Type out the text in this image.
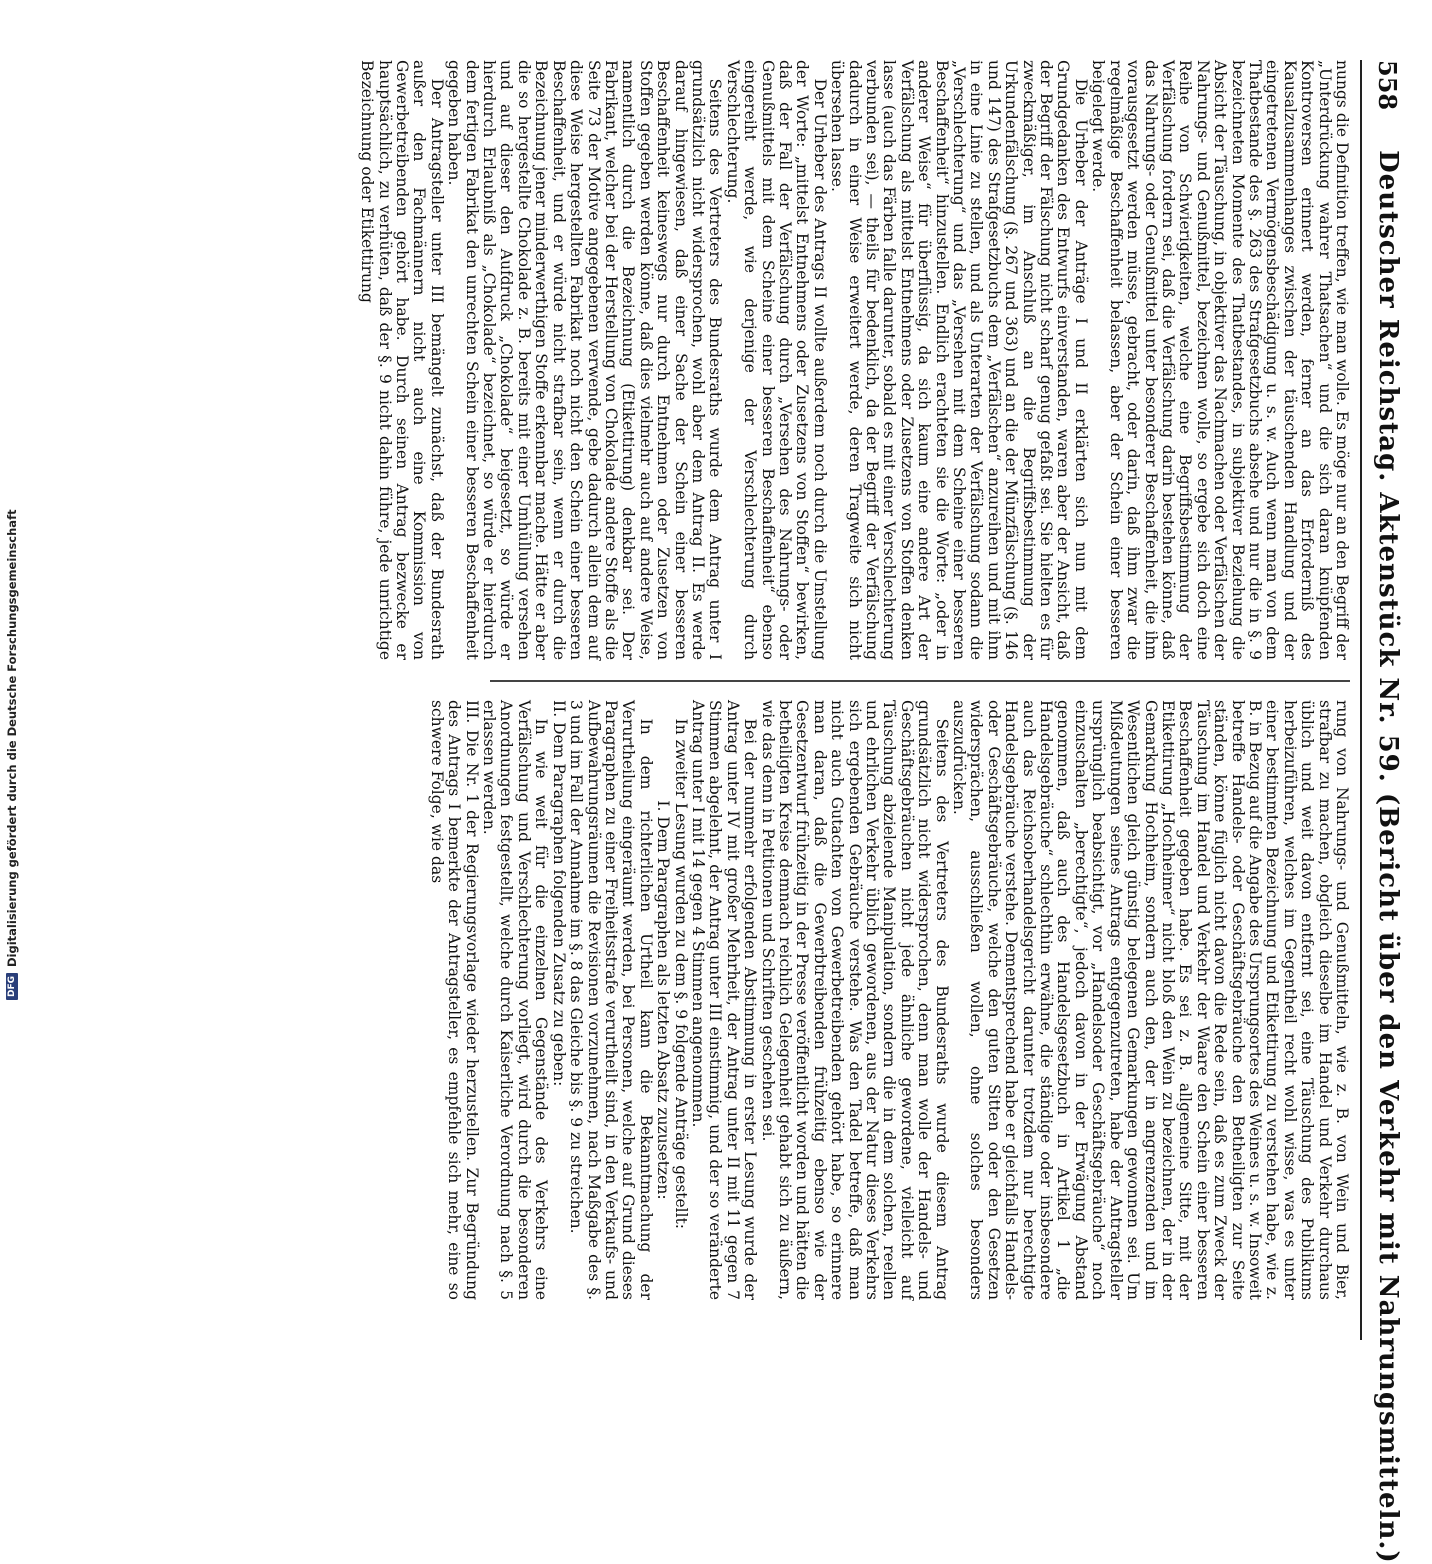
DFG
Digitalisierung gefördert durch die Deutsche Forschungsgemeinschaft
558
Deutscher Reichstag. Aktenstück Nr. 59. (Bericht über den Verkehr mit Nahrungsmitteln.)

nungs die Definition treffen, wie man wolle. Es möge nur an den Begriff der „Unterdrückung wahrer Thatsachen“ und die sich daran knüpfenden Kontroversen erinnert werden, ferner an das Erforderniß des Kausalzusammenhanges zwischen der täuschenden Handlung und der eingetretenen Vermögensbeschädigung u. s. w. Auch wenn man von dem Thatbestande des §. 263 des Strafgesetzbuchs absehe und nur die in §. 9 bezeichneten Momente des Thatbestandes, in subjektiver Beziehung die Absicht der Täuschung, in objektiver das Nachmachen oder Verfälschen der Nahrungs- und Genußmittel, bezeichnen wolle, so ergebe sich doch eine Reihe von Schwierigkeiten, welche eine Begriffsbestimmung der Verfälschung fordern sei, daß die Verfälschung darin bestehen könne, daß das Nahrungs- oder Genußmittel unter besonderer Beschaffenheit, die ihm vorausgesetzt werden müsse, gebracht, oder darin, daß ihm zwar die regelmäßige Beschaffenheit belassen, aber der Schein einer besseren beigelegt werde.

Die Urheber der Anträge I und II erklärten sich nun mit dem Grundgedanken des Entwurfs einverstanden, waren aber der Ansicht, daß der Begriff der Fälschung nicht scharf genug gefaßt sei. Sie hielten es für zweckmäßiger, im Anschluß an die Begriffsbestimmung der Urkundenfälschung (§. 267 und 363) und an die der Münzfälschung (§. 146 und 147) des Strafgesetzbuchs dem „Verfälschen“ anzureihen und mit ihm in eine Linie zu stellen, und als Unterarten der Verfälschung sodann die „Verschlechterung“ und das „Versehen mit dem Scheine einer besseren Beschaffenheit“ hinzustellen. Endlich erachteten sie die Worte: „oder in anderer Weise“ für überflüssig, da sich kaum eine andere Art der Verfälschung als mittelst Entnehmens oder Zusetzens von Stoffen denken lasse (auch das Färben falle darunter, sobald es mit einer Verschlechterung verbunden sei), — theils für bedenklich, da der Begriff der Verfälschung dadurch in einer Weise erweitert werde, deren Tragweite sich nicht übersehen lasse.

Der Urheber des Antrags II wollte außerdem noch durch die Umstellung der Worte: „mittelst Entnehmens oder Zusetzens von Stoffen“ bewirken, daß der Fall der Verfälschung durch „Versehen des Nahrungs- oder Genußmittels mit dem Scheine einer besseren Beschaffenheit“ ebenso eingereiht werde, wie derjenige der Verschlechterung durch Verschlechterung.

Seitens des Vertreters des Bundesraths wurde dem Antrag unter I grundsätzlich nicht widersprochen, wohl aber dem Antrag II. Es werde darauf hingewiesen, daß einer Sache der Schein einer besseren Beschaffenheit keineswegs nur durch Entnehmen oder Zusetzen von Stoffen gegeben werden könne, daß dies vielmehr auch auf andere Weise, namentlich durch die Bezeichnung (Etikettirung) denkbar sei. Der Fabrikant, welcher bei der Herstellung von Chokolade andere Stoffe als die Seite 73 der Motive angegebenen verwende, gebe dadurch allein dem auf diese Weise hergestellten Fabrikat noch nicht den Schein einer besseren Beschaffenheit, und er würde nicht strafbar sein, wenn er durch die Bezeichnung jener minderwerthigen Stoffe erkennbar mache. Hätte er aber die so hergestellte Chokolade z. B. bereits mit einer Umhüllung versehen und auf dieser den Aufdruck „Chokolade“ beigesetzt, so würde er hierdurch Erlaubniß als „Chokolade“ bezeichnet, so würde er hierdurch dem fertigen Fabrikat den unrechten Schein einer besseren Beschaffenheit gegeben haben.

Der Antragsteller unter III bemängelt zunächst, daß der Bundesrath außer den Fachmännern nicht auch eine Kommission von Gewerbetreibenden gehört habe. Durch seinen Antrag bezwecke er hauptsächlich, zu verhüten, daß der §. 9 nicht dahin führe, jede unrichtige Bezeichnung oder Etikettirung

rung von Nahrungs- und Genußmitteln, wie z. B. von Wein und Bier, strafbar zu machen, obgleich dieselbe im Handel und Verkehr durchaus üblich und weit davon entfernt sei, eine Täuschung des Publikums herbeizuführen, welches im Gegentheil recht wohl wisse, was es unter einer bestimmten Bezeichnung und Etikettirung zu verstehen habe, wie z. B. in Bezug auf die Angabe des Ursprungsortes des Weines u. s. w. Insoweit betreffe Handels- oder Geschäftsgebräuche den Betheiligten zur Seite ständen, könne füglich nicht davon die Rede sein, daß es zum Zweck der Täuschung im Handel und Verkehr der Waare den Schein einer besseren Beschaffenheit gegeben habe. Es sei z. B. allgemeine Sitte, mit der Etikettirung „Hochheimer“ nicht bloß den Wein zu bezeichnen, der in der Gemarkung Hochheim, sondern auch den, der in angrenzenden und im Wesentlichen gleich günstig belegenen Gemarkungen gewonnen sei. Um Mißdeutungen seines Antrags entgegenzutreten, habe der Antragsteller ursprünglich beabsichtigt, vor „Handelsoder Geschäftsgebräuche“ noch einzuschalten „berechtigte“, jedoch davon in der Erwägung Abstand genommen, daß auch des Handelsgesetzbuch in Artikel 1 „die Handelsgebräuche“ schlechthin erwähne, die ständige oder insbesondere auch das Reichsoberhandelsgericht darunter trotzdem nur berechtigte Handelsgebräuche verstehe. Dementsprechend habe er gleichfalls Handels- oder Geschäftsgebräuche, welche den guten Sitten oder den Gesetzen widersprächen, ausschließen wollen, ohne solches besonders auszudrücken.

Seitens des Vertreters des Bundesraths wurde diesem Antrag grundsätzlich nicht widersprochen, denn man wolle der Handels- und Geschäftsgebräuchen nicht jede ähnliche gewordene, vielleicht auf Täuschung abzielende Manipulation, sondern die in dem solchen, reellen und ehrlichen Verkehr üblich gewordenen, aus der Natur dieses Verkehrs sich ergebenden Gebräuche verstehe. Was den Tadel betreffe, daß man nicht auch Gutachten von Gewerbetreibenden gehört habe, so erinnere man daran, daß die Gewerbtreibenden frühzeitig ebenso wie der Gesetzentwurf frühzeitig in der Presse veröffentlicht worden und hätten die betheiligten Kreise demnach reichlich Gelegenheit gehabt sich zu äußern, wie das denn in Petitionen und Schriften geschehen sei.

Bei der nunmehr erfolgenden Abstimmung in erster Lesung wurde der Antrag unter IV mit großer Mehrheit, der Antrag unter II mit 11 gegen 7 Stimmen abgelehnt, der Antrag unter III einstimmig, und der so veränderte Antrag unter I mit 14 gegen 4 Stimmen angenommen.

In zweiter Lesung wurden zu dem §. 9 folgende Anträge gestellt:

I. Dem Paragraphen als letzten Absatz zuzusetzen:

In dem richterlichen Urtheil kann die Bekanntmachung der Verurtheilung eingeräumt werden, bei Personen, welche auf Grund dieses Paragraphen zu einer Freiheitsstrafe verurtheilt sind, in den Verkaufs- und Aufbewahrungsräumen die Revisionen vorzunehmen, nach Maßgabe des §. 3 und im Fall der Annahme im §. 8 das Gleiche bis §. 9 zu streichen.

II. Dem Paragraphen folgenden Zusatz zu geben:

In wie weit für die einzelnen Gegenstände des Verkehrs eine Verfälschung und Verschlechterung vorliegt, wird durch die besonderen Anordnungen festgestellt, welche durch Kaiserliche Verordnung nach §. 5 erlassen werden.

III. Die Nr. 1 der Regierungsvorlage wieder herzustellen. Zur Begründung des Antrags I bemerkte der Antragsteller, es empfehle sich mehr, eine so schwere Folge, wie das
